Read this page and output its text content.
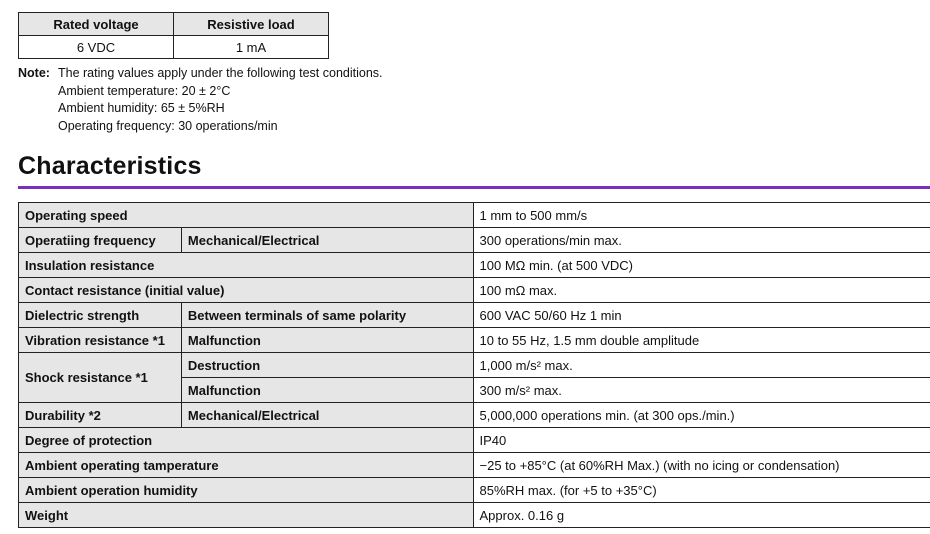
Rated voltage	Resistive load
6 VDC	1 mA
Note: The rating values apply under the following test conditions.
Ambient temperature: 20 ± 2°C
Ambient humidity: 65 ± 5%RH
Operating frequency: 30 operations/min
Characteristics
Operating speed		1 mm to 500 mm/s
Operatiing frequency	Mechanical/Electrical	300 operations/min max.
Insulation resistance		100 MΩ min. (at 500 VDC)
Contact resistance (initial value)		100 mΩ max.
Dielectric strength	Between terminals of same polarity	600 VAC 50/60 Hz 1 min
Vibration resistance *1	Malfunction	10 to 55 Hz, 1.5 mm double amplitude
Shock resistance *1	Destruction	1,000 m/s² max.
	Malfunction	300 m/s² max.
Durability *2	Mechanical/Electrical	5,000,000 operations min. (at 300 ops./min.)
Degree of protection		IP40
Ambient operating tamperature		−25 to +85°C (at 60%RH Max.) (with no icing or condensation)
Ambient operation humidity		85%RH max. (for +5 to +35°C)
Weight		Approx. 0.16 g
